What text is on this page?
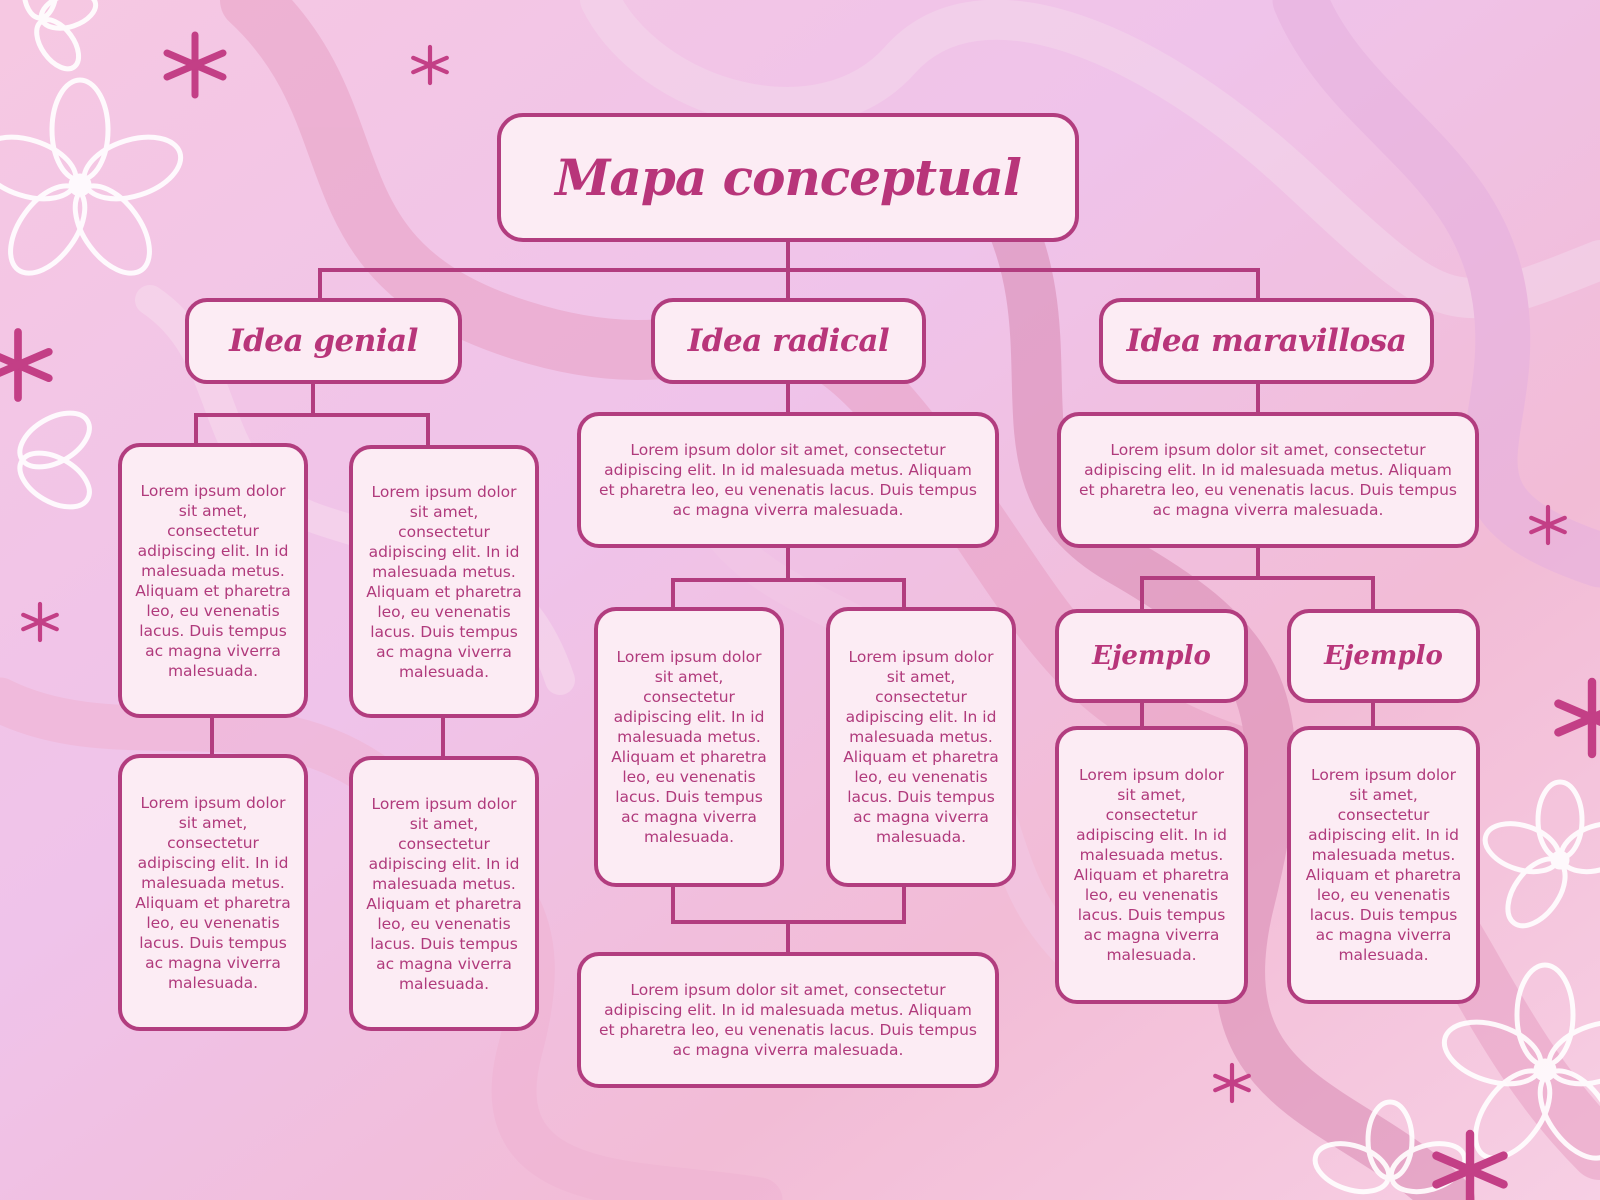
Mapa conceptual
Idea genial	Idea radical	Idea maravillosa
Lorem ipsum dolor sit amet, consectetur adipiscing elit. In id malesuada metus. Aliquam et pharetra leo, eu venenatis lacus. Duis tempus ac magna viverra malesuada.
Lorem ipsum dolor sit amet, consectetur adipiscing elit. In id malesuada metus. Aliquam et pharetra leo, eu venenatis lacus. Duis tempus ac magna viverra malesuada.
Lorem ipsum dolor sit amet, consectetur adipiscing elit. In id malesuada metus. Aliquam et pharetra leo, eu venenatis lacus. Duis tempus ac magna viverra malesuada.
Lorem ipsum dolor sit amet, consectetur adipiscing elit. In id malesuada metus. Aliquam et pharetra leo, eu venenatis lacus. Duis tempus ac magna viverra malesuada.
Lorem ipsum dolor sit amet, consectetur adipiscing elit. In id malesuada metus. Aliquam et pharetra leo, eu venenatis lacus. Duis tempus ac magna viverra malesuada.
Lorem ipsum dolor sit amet, consectetur adipiscing elit. In id malesuada metus. Aliquam et pharetra leo, eu venenatis lacus. Duis tempus ac magna viverra malesuada.
Lorem ipsum dolor sit amet, consectetur adipiscing elit. In id malesuada metus. Aliquam et pharetra leo, eu venenatis lacus. Duis tempus ac magna viverra malesuada.
Lorem ipsum dolor sit amet, consectetur adipiscing elit. In id malesuada metus. Aliquam et pharetra leo, eu venenatis lacus. Duis tempus ac magna viverra malesuada.
Lorem ipsum dolor sit amet, consectetur adipiscing elit. In id malesuada metus. Aliquam et pharetra leo, eu venenatis lacus. Duis tempus ac magna viverra malesuada.
Ejemplo	Ejemplo
Lorem ipsum dolor sit amet, consectetur adipiscing elit. In id malesuada metus. Aliquam et pharetra leo, eu venenatis lacus. Duis tempus ac magna viverra malesuada.
Lorem ipsum dolor sit amet, consectetur adipiscing elit. In id malesuada metus. Aliquam et pharetra leo, eu venenatis lacus. Duis tempus ac magna viverra malesuada.
